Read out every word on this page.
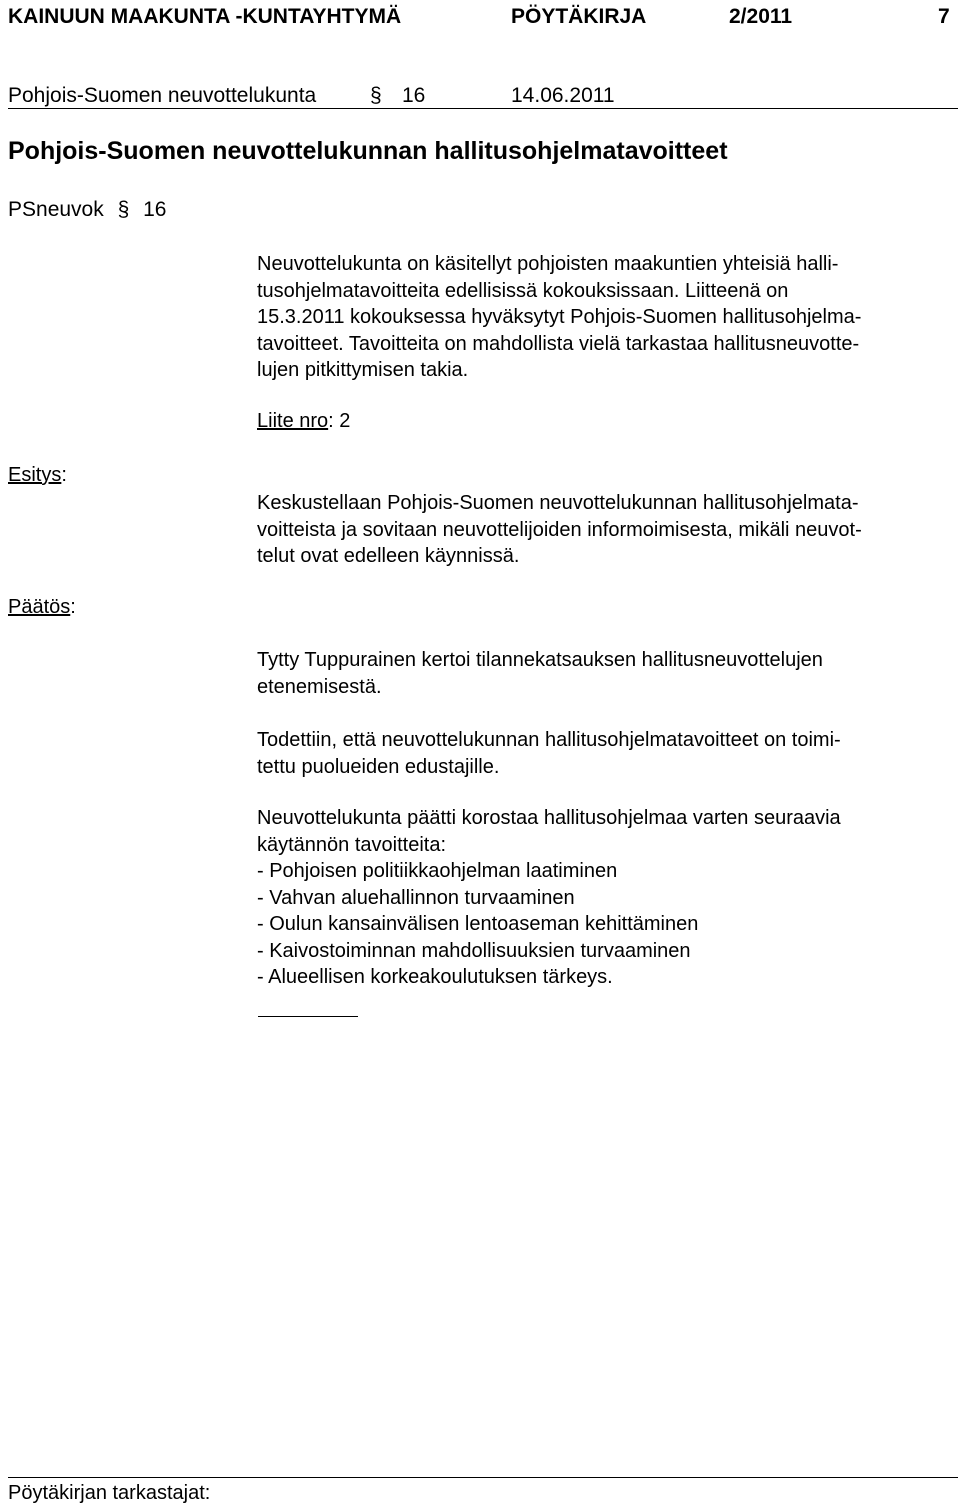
KAINUUN MAAKUNTA -KUNTAYHTYMÄ	PÖYTÄKIRJA	2/2011	7
Pohjois-Suomen neuvottelukunta	§ 16	14.06.2011
Pohjois-Suomen neuvottelukunnan hallitusohjelmatavoitteet
PSneuvok § 16

Neuvottelukunta on käsitellyt pohjoisten maakuntien yhteisiä halli-

tusohjelmatavoitteita edellisissä kokouksissaan. Liitteenä on

15.3.2011 kokouksessa hyväksytyt Pohjois-Suomen hallitusohjelma-

tavoitteet. Tavoitteita on mahdollista vielä tarkastaa hallitusneuvotte-

lujen pitkittymisen takia.

Liite nro: 2
Esitys:

Keskustellaan Pohjois-Suomen neuvottelukunnan hallitusohjelmata-

voitteista ja sovitaan neuvottelijoiden informoimisesta, mikäli neuvot-

telut ovat edelleen käynnissä.

Päätös:

Tytty Tuppurainen kertoi tilannekatsauksen hallitusneuvottelujen

etenemisestä.

Todettiin, että neuvottelukunnan hallitusohjelmatavoitteet on toimi-

tettu puolueiden edustajille.

Neuvottelukunta päätti korostaa hallitusohjelmaa varten seuraavia

käytännön tavoitteita:

- Pohjoisen politiikkaohjelman laatiminen

- Vahvan aluehallinnon turvaaminen

- Oulun kansainvälisen lentoaseman kehittäminen

- Kaivostoiminnan mahdollisuuksien turvaaminen

- Alueellisen korkeakoulutuksen tärkeys.

Pöytäkirjan tarkastajat:
